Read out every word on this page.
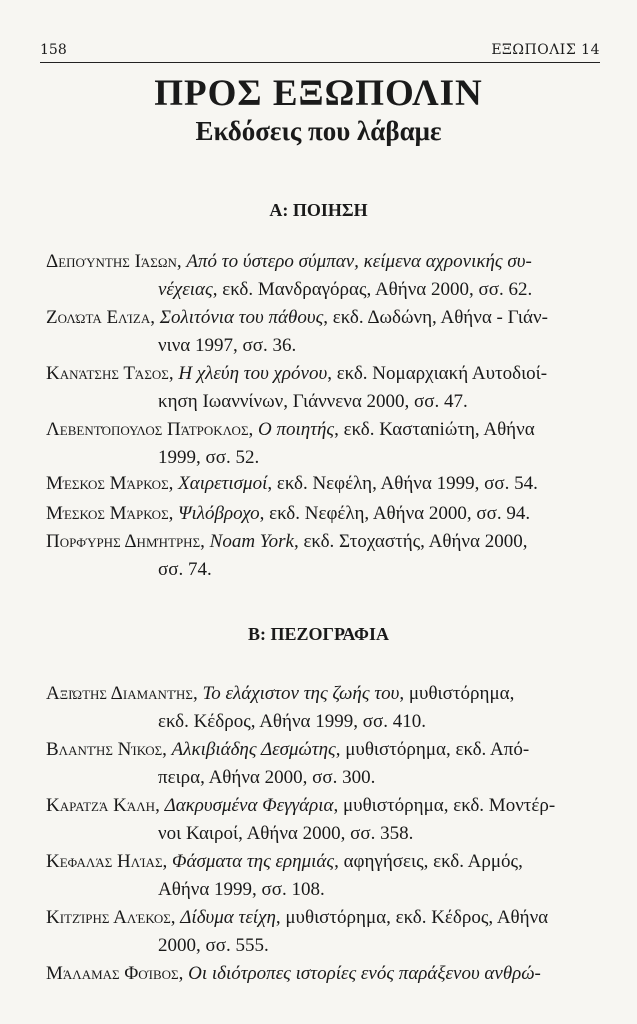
158	ΕΞΩΠΟΛΙΣ 14
ΠΡΟΣ ΕΞΩΠΟΛΙΝ
Εκδόσεις που λάβαμε
Α: ΠΟΙΗΣΗ
Δεπούντης Ιάσων, Από το ύστερο σύμπαν, κείμενα αχρονικής συ-
νέχειας, εκδ. Μανδραγόρας, Αθήνα 2000, σσ. 62.
Ζολώτα Ελίζα, Σολιτόνια του πάθους, εκδ. Δωδώνη, Αθήνα - Γιάν-
νινα 1997, σσ. 36.
Κανάτσης Τάσος, Η χλεύη του χρόνου, εκδ. Νομαρχιακή Αυτοδιοί-
κηση Ιωαννίνων, Γιάννενα 2000, σσ. 47.
Λεβεντόπουλος Πάτροκλος, Ο ποιητής, εκδ. Κασταniώτη, Αθήνα
1999, σσ. 52.
Μέσκος Μάρκος, Χαιρετισμοί, εκδ. Νεφέλη, Αθήνα 1999, σσ. 54.
Μέσκος Μάρκος, Ψιλόβροχο, εκδ. Νεφέλη, Αθήνα 2000, σσ. 94.
Πορφύρης Δημήτρης, Noam York, εκδ. Στοχαστής, Αθήνα 2000,
σσ. 74.
Β: ΠΕΖΟΓΡΑΦΙΑ
Αξιώτης Διαμαντής, Το ελάχιστον της ζωής του, μυθιστόρημα,
εκδ. Κέδρος, Αθήνα 1999, σσ. 410.
Βλαντής Νίκος, Αλκιβιάδης Δεσμώτης, μυθιστόρημα, εκδ. Από-
πειρα, Αθήνα 2000, σσ. 300.
Καρατζά Κάλη, Δακρυσμένα Φεγγάρια, μυθιστόρημα, εκδ. Μοντέρ-
νοι Καιροί, Αθήνα 2000, σσ. 358.
Κεφαλάς Ηλίας, Φάσματα της ερημιάς, αφηγήσεις, εκδ. Αρμός,
Αθήνα 1999, σσ. 108.
Κιτζίρης Αλέκος, Δίδυμα τείχη, μυθιστόρημα, εκδ. Κέδρος, Αθήνα
2000, σσ. 555.
Μάλαμας Φοίβος, Οι ιδιότροπες ιστορίες ενός παράξενου ανθρώ-
